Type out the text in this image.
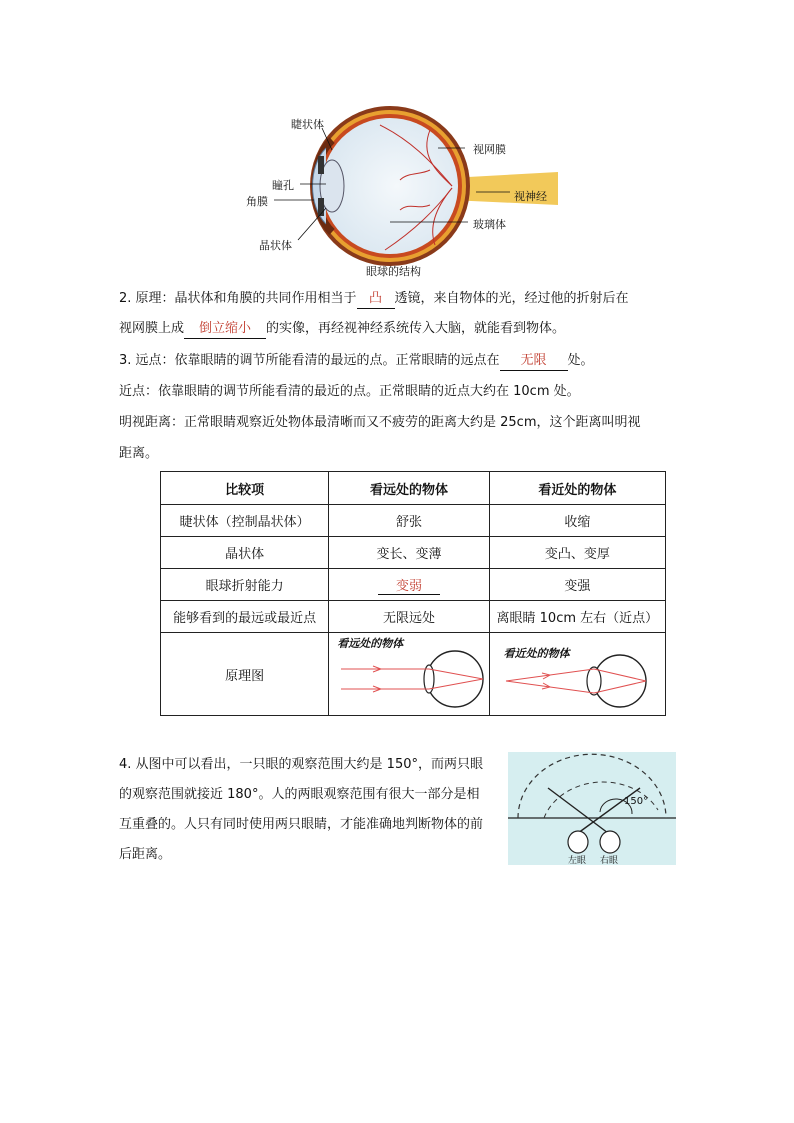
睫状体
瞳孔
角膜
晶状体
视网膜
视神经
玻璃体
眼球的结构
2. 原理：晶状体和角膜的共同作用相当于 凸 透镜，来自物体的光，经过他的折射后在
视网膜上成 倒立缩小 的实像，再经视神经系统传入大脑，就能看到物体。
3. 远点：依靠眼睛的调节所能看清的最远的点。正常眼睛的远点在 无限 处。
近点：依靠眼睛的调节所能看清的最近的点。正常眼睛的近点大约在 10cm 处。
明视距离：正常眼睛观察近处物体最清晰而又不疲劳的距离大约是 25cm，这个距离叫明视
距离。
比较项	看远处的物体	看近处的物体
睫状体（控制晶状体）	舒张	收缩
晶状体	变长、变薄	变凸、变厚
眼球折射能力	变弱	变强
能够看到的最远或最近点	无限远处	离眼睛 10cm 左右（近点）
原理图	看远处的物体	看近处的物体
4. 从图中可以看出，一只眼的观察范围大约是 150°，而两只眼的观察范围就接近 180°。人的两眼观察范围有很大一部分是相互重叠的。人只有同时使用两只眼睛，才能准确地判断物体的前后距离。
150°
左眼 右眼
